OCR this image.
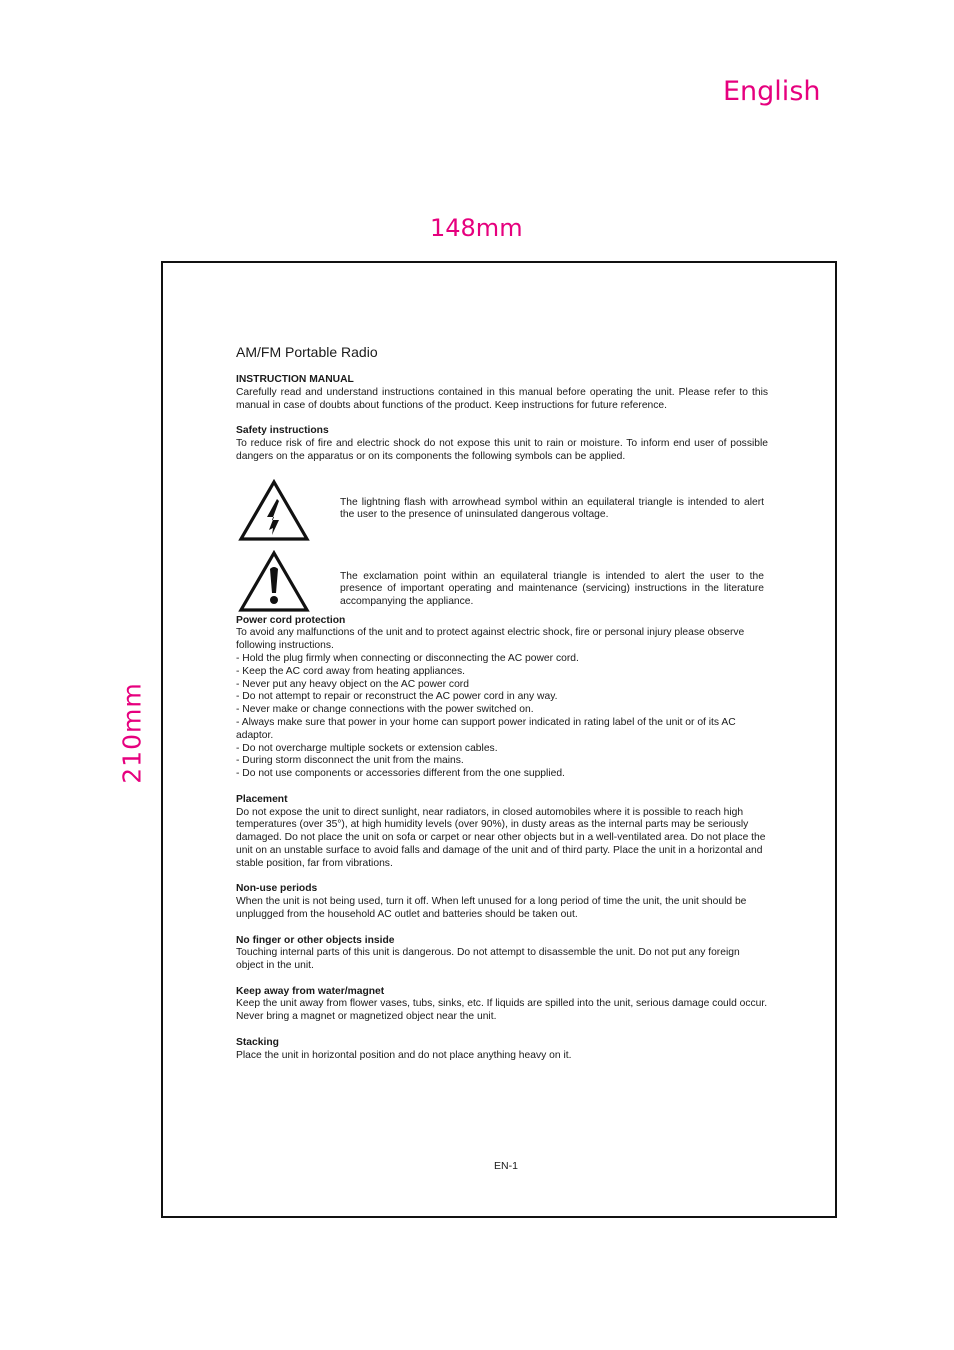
English
148mm
210mm
AM/FM Portable Radio
INSTRUCTION MANUAL
Carefully read and understand instructions contained in this manual before operating the unit. Please refer to this manual in case of doubts about functions of the product. Keep instructions for future reference.
Safety instructions
To reduce risk of fire and electric shock do not expose this unit to rain or moisture. To inform end user of possible dangers on the apparatus or on its components the following symbols can be applied.
The lightning flash with arrowhead symbol within an equilateral triangle is intended to alert the user to the presence of uninsulated dangerous voltage.
The exclamation point within an equilateral triangle is intended to alert the user to the presence of important operating and maintenance (servicing) instructions in the literature accompanying the appliance.
Power cord protection
To avoid any malfunctions of the unit and to protect against electric shock, fire or personal injury please observe following instructions.
- Hold the plug firmly when connecting or disconnecting the AC power cord.
- Keep the AC cord away from heating appliances.
- Never put any heavy object on the AC power cord
- Do not attempt to repair or reconstruct the AC power cord in any way.
- Never make or change connections with the power switched on.
- Always make sure that power in your home can support power indicated in rating label of the unit or of its AC adaptor.
- Do not overcharge multiple sockets or extension cables.
- During storm disconnect the unit from the mains.
- Do not use components or accessories different from the one supplied.
Placement
Do not expose the unit to direct sunlight, near radiators, in closed automobiles where it is possible to reach high temperatures (over 35°), at high humidity levels (over 90%), in dusty areas as the internal parts may be seriously damaged. Do not place the unit on sofa or carpet or near other objects but in a well-ventilated area. Do not place the unit on an unstable surface to avoid falls and damage of the unit and of third party. Place the unit in a horizontal and stable position, far from vibrations.
Non-use periods
When the unit is not being used, turn it off. When left unused for a long period of time the unit, the unit should be unplugged from the household AC outlet and batteries should be taken out.
No finger or other objects inside
Touching internal parts of this unit is dangerous. Do not attempt to disassemble the unit. Do not put any foreign object in the unit.
Keep away from water/magnet
Keep the unit away from flower vases, tubs, sinks, etc. If liquids are spilled into the unit, serious damage could occur.
Never bring a magnet or magnetized object near the unit.
Stacking
Place the unit in horizontal position and do not place anything heavy on it.
EN-1
